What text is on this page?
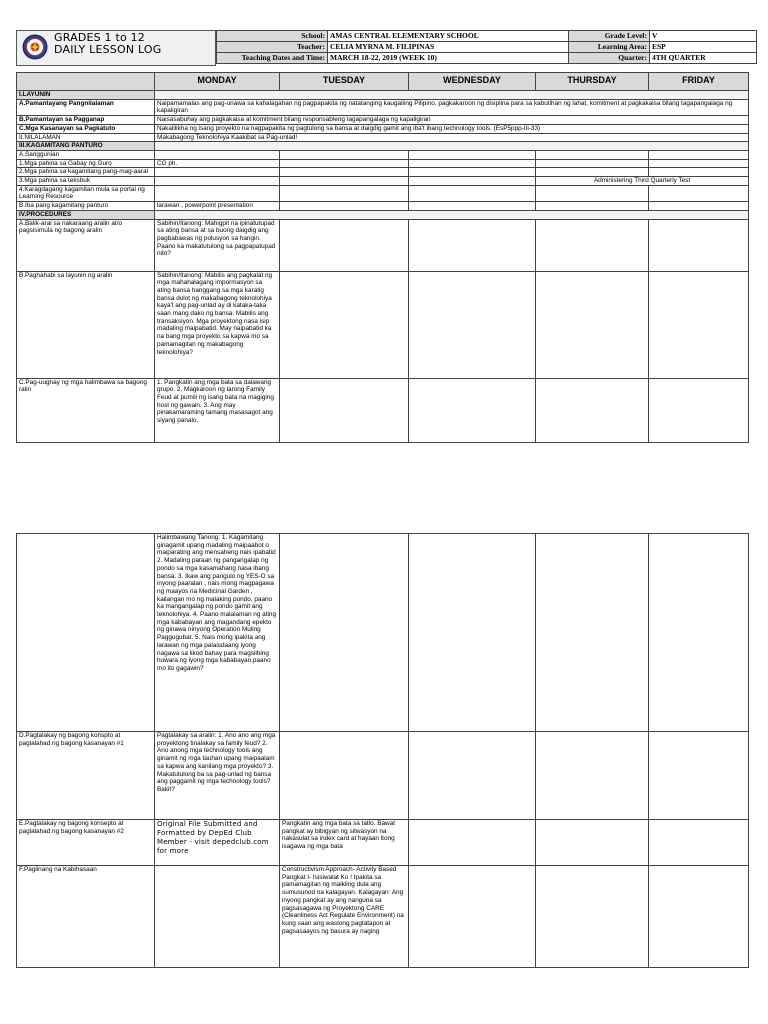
GRADES 1 to 12
DAILY LESSON LOG
School:	AMAS CENTRAL ELEMENTARY SCHOOL	Grade Level:	V
Teacher:	CELIA MYRNA M. FILIPINAS	Learning Area:	ESP
Teaching Dates and Time:	MARCH 18-22, 2019 (WEEK 10)	Quarter:	4TH QUARTER
	MONDAY	TUESDAY	WEDNESDAY	THURSDAY	FRIDAY
I.LAYUNIN					
A.Pamantayang Pangnilalaman	Naipamamalas ang pag-unawa sa kahalagahan ng pagpapakita ng natatanging kaugaliing Pilipino, pagkakaroon ng disiplina para sa kabutihan ng lahat, komitment at pagkakaisa bilang tagapangalaga ng kapaligiran				
B.Pamantayan sa Pagganap	Naisasabuhay ang pagkakaisa at komitment bilang responsableng tagapangalaga ng kapaligiran				
C.Mga Kasanayan sa Pagkatuto	Nakalilikha ng isang proyekto na nagpapakita ng pagtulong sa bansa at daigdig gamit ang iba't ibang technology tools. (EsP5ppp-IIi-33)				
II.NILALAMAN	Makabagong Teknolohiya Kaakibat sa Pag-unlad!				
III.KAGAMITANG PANTURO					
A.Sanggunian					
1.Mga pahina sa Gabay ng Guro	CG ph.				
2.Mga pahina sa kagamitang pang-mag-aaral					
3.Mga pahina sa teksbuk				Administering Third Quarterly Test	
4.Karagdagang kagamitan mula sa portal ng Learning Resource					
B.Iba pang kagamitang panturo	larawan , powerpoint presentation				
IV.PROCEDURES					
A.Balik-aral sa nakaraang aralin at/o pagsisimula ng bagong aralin	Sabihin/Itanong: Mahigpit na ipinatutupad sa ating bansa at sa buong daigdig ang pagbabawas ng polusyon sa hangin. Paano ka makatutulong sa pagpapatupad nito?				
B.Paghahabi sa layunin ng aralin	Sabihin/Itanong: Mabilis ang pagkalat ng mga mahahalagang impormasyon sa ating bansa hanggang sa mga karatig bansa dulot ng makabagong teknolohiya kaya't ang pag-unlad ay di kataka-taka saan mang dako ng bansa. Mabilis ang transaksiyon. Mga proyektong nasa isip madaling maipabatid. May naipabatid ka na bang mga proyekto sa kapwa mo sa pamamagitan ng makabagong teknolohiya?				
C.Pag-uugnay ng mga halimbawa sa bagong ralin	1. Pangkatin ang mga bata sa dalawang grupo. 2. Magkaroon ng larong Family Feud at pumili ng isang bata na magiging host ng gawain. 3. Ang may pinakamaraming tamang masasagot ang siyang panalo.				
	Halimbawang Tanong: 1. Kagamitang ginagamit upang madaling maipaabot o maiparating ang mensaheng nais ipabatid 2. Madaling paraan ng pangangalap ng pondo sa mga kasamahang nasa ibang bansa. 3. Ikaw ang pangulo ng YES-O sa inyong paaralan , nais mong magpagawa ng maayos na Medicinal Garden , kailangan mo ng malaking pondo, paano ka mangangalap ng pondo gamit ang teknolohiya. 4. Paano malalaman ng ating mga kababayan ang magandang epekto ng ginawa ninyong Operation Muling Paggugubat. 5. Nais mong ipakita ang larawan ng mga palaisdaang iyong nagawa sa likod bahay para magsilbing huwara ng iyong mga kababayan.paano mo ito gagawin?				
D.Pagtalakay ng bagong konspto at paglalahad ng bagong kasanayan #1	Pagtalakay sa aralin: 1. Ano ano ang mga proyektong tinalakay sa family feud? 2. Ano anong mga technology tools ang ginamit ng mga tauhan upang maipaalam sa kapwa ang kanilang mga proyekto? 3. Makatutulong ba sa pag-unlad ng bansa ang paggamit ng mga technology tools? Bakit?				
E.Pagtalakay ng bagong konsepto at paglalahad ng bagong kasanayan #2	Original File Submitted and Formatted by DepEd Club Member - visit depedclub.com for more	Pangkatin ang mga bata sa tatlo. Bawat pangkat ay bibigyan ng sitwasyon na nakasulat sa index card at hayaan itong isagawa ng mga bata			
F.Paglinang na Kabihasaan		Constructivism Approach- Activity Based Pangkat I- Isisiwalat Ko ! Ipakita sa pamamagitan ng maikling dula ang sumusunod na kalagayan. Kalagayan: Ang inyong pangkat ay ang nanguna sa pagsasagawa ng Proyektong CARE (Cleanliness Act Regulate Environment) na kung saan ang wastong pagtatapon at pagsasaayos ng basura ay naging			
